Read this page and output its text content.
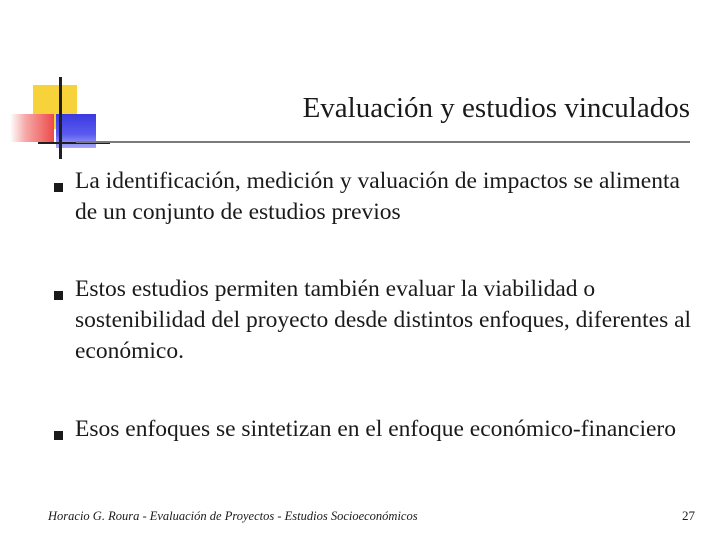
Evaluación y estudios vinculados
La identificación, medición y valuación de impactos se alimenta de un conjunto de estudios previos
Estos estudios permiten también evaluar la viabilidad o sostenibilidad del proyecto desde distintos enfoques, diferentes al económico.
Esos enfoques se sintetizan en el enfoque económico-financiero
Horacio G. Roura - Evaluación de Proyectos - Estudios Socioeconómicos	27
